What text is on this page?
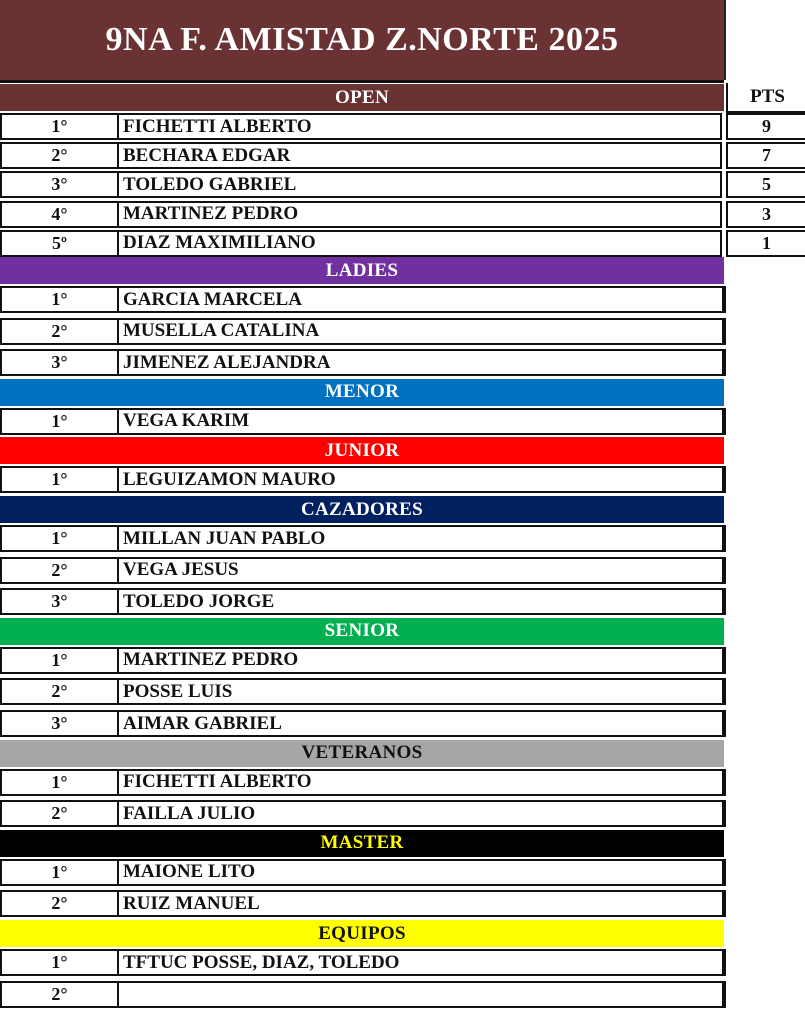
9NA F. AMISTAD Z.NORTE 2025
PTS
OPEN
1°	FICHETTI ALBERTO	9
2°	BECHARA EDGAR	7
3°	TOLEDO GABRIEL	5
4°	MARTINEZ PEDRO	3
5º	DIAZ MAXIMILIANO	1
LADIES
1°	GARCIA MARCELA
2°	MUSELLA CATALINA
3°	JIMENEZ ALEJANDRA
MENOR
1°	VEGA KARIM
JUNIOR
1°	LEGUIZAMON MAURO
CAZADORES
1°	MILLAN JUAN PABLO
2°	VEGA JESUS
3°	TOLEDO JORGE
SENIOR
1°	MARTINEZ PEDRO
2°	POSSE LUIS
3°	AIMAR GABRIEL
VETERANOS
1°	FICHETTI ALBERTO
2°	FAILLA JULIO
MASTER
1°	MAIONE LITO
2°	RUIZ MANUEL
EQUIPOS
1°	TFTUC POSSE, DIAZ, TOLEDO
2°
